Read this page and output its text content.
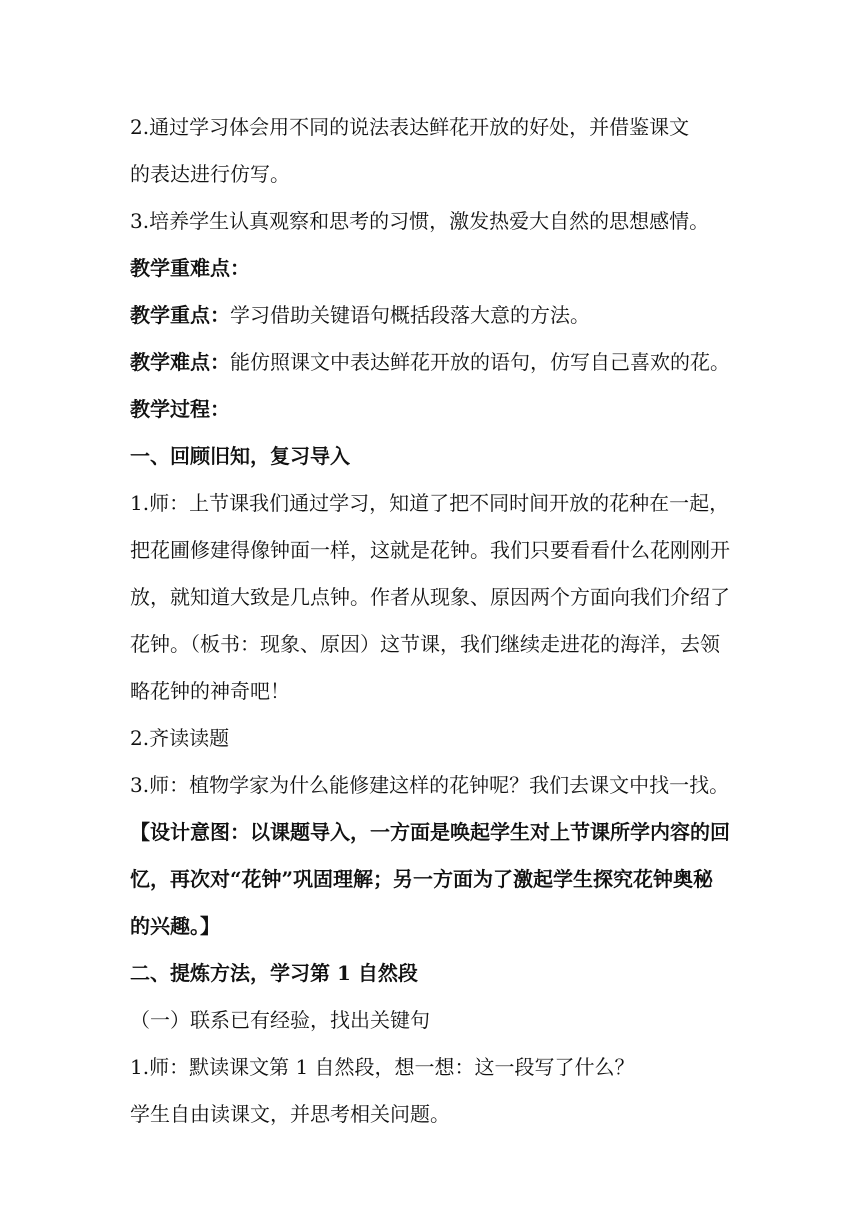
2.通过学习体会用不同的说法表达鲜花开放的好处，并借鉴课文
的表达进行仿写。
3.培养学生认真观察和思考的习惯，激发热爱大自然的思想感情。
教学重难点：
教学重点：学习借助关键语句概括段落大意的方法。
教学难点：能仿照课文中表达鲜花开放的语句，仿写自己喜欢的花。
教学过程：
一、回顾旧知，复习导入
1.师：上节课我们通过学习，知道了把不同时间开放的花种在一起，
把花圃修建得像钟面一样，这就是花钟。我们只要看看什么花刚刚开
放，就知道大致是几点钟。作者从现象、原因两个方面向我们介绍了
花钟。（板书：现象、原因）这节课，我们继续走进花的海洋，去领
略花钟的神奇吧！
2.齐读读题
3.师：植物学家为什么能修建这样的花钟呢？我们去课文中找一找。
【设计意图：以课题导入，一方面是唤起学生对上节课所学内容的回
忆，再次对“花钟”巩固理解；另一方面为了激起学生探究花钟奥秘
的兴趣。】
二、提炼方法，学习第 1 自然段
（一）联系已有经验，找出关键句
1.师：默读课文第 1 自然段，想一想：这一段写了什么？
学生自由读课文，并思考相关问题。
